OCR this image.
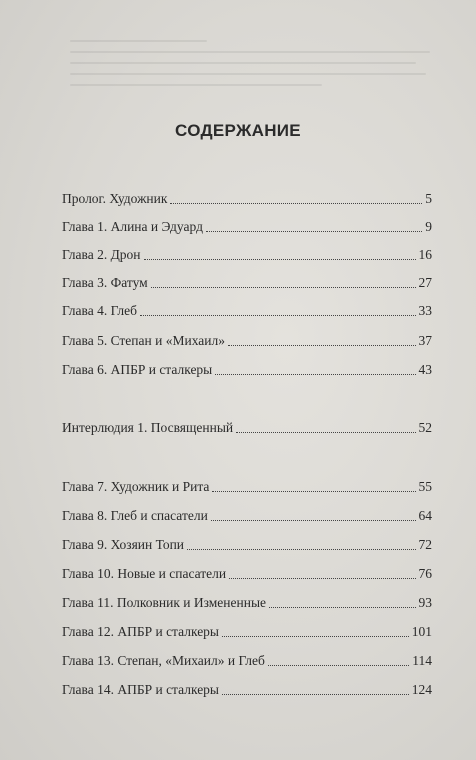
СОДЕРЖАНИЕ
Пролог. Художник	5
Глава 1. Алина и Эдуард	9
Глава 2. Дрон	16
Глава 3. Фатум	27
Глава 4. Глеб	33
Глава 5. Степан и «Михаил»	37
Глава 6. АПБР и сталкеры	43
Интерлюдия 1. Посвященный	52
Глава 7. Художник и Рита	55
Глава 8. Глеб и спасатели	64
Глава 9. Хозяин Топи	72
Глава 10. Новые и спасатели	76
Глава 11. Полковник и Измененные	93
Глава 12. АПБР и сталкеры	101
Глава 13. Степан, «Михаил» и Глеб	114
Глава 14. АПБР и сталкеры	124
